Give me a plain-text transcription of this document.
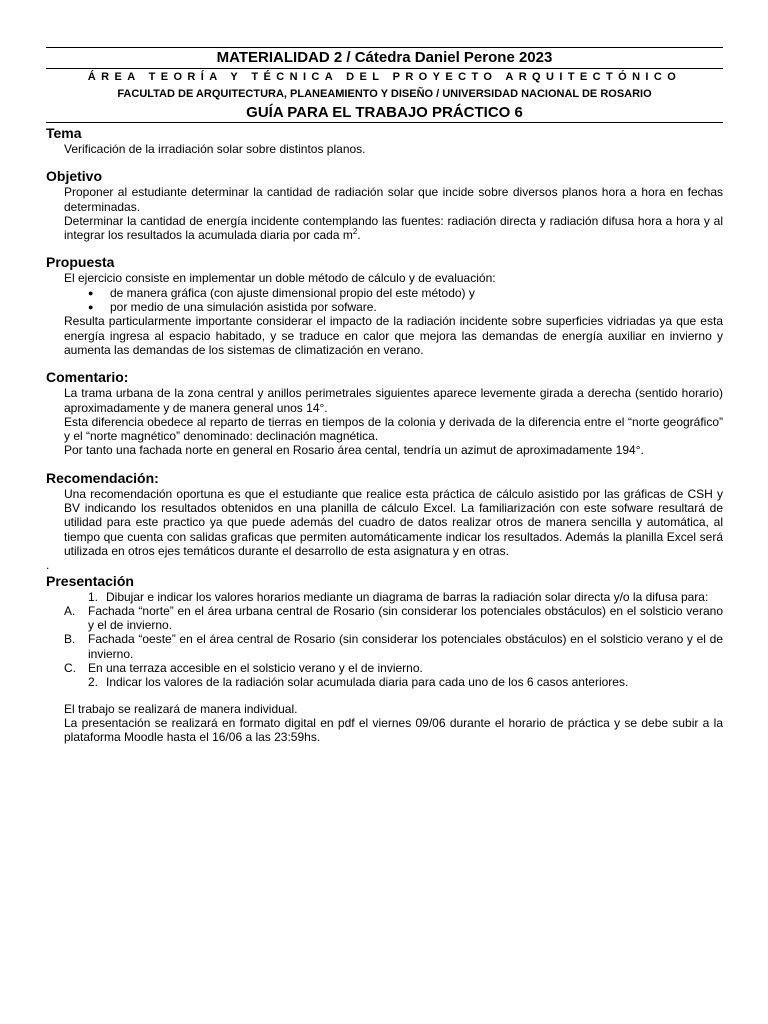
MATERIALIDAD 2 / Cátedra Daniel Perone 2023
ÁREA TEORÍA Y TÉCNICA DEL PROYECTO ARQUITECTÓNICO
FACULTAD DE ARQUITECTURA, PLANEAMIENTO Y DISEÑO / UNIVERSIDAD NACIONAL DE ROSARIO
GUÍA PARA EL TRABAJO PRÁCTICO 6
Tema

Verificación de la irradiación solar sobre distintos planos.

Objetivo

Proponer al estudiante determinar la cantidad de radiación solar que incide sobre diversos planos hora a hora en fechas determinadas.

Determinar la cantidad de energía incidente contemplando las fuentes: radiación directa y radiación difusa hora a hora y al integrar los resultados la acumulada diaria por cada $m^2$.

Propuesta

El ejercicio consiste en implementar un doble método de cálculo y de evaluación:

● de manera gráfica (con ajuste dimensional propio del este método) y
● por medio de una simulación asistida por sofware.

Resulta particularmente importante considerar el impacto de la radiación incidente sobre superficies vidriadas ya que esta energía ingresa al espacio habitado, y se traduce en calor que mejora las demandas de energía auxiliar en invierno y aumenta las demandas de los sistemas de climatización en verano.

Comentario:

La trama urbana de la zona central y anillos perimetrales siguientes aparece levemente girada a derecha (sentido horario) aproximadamente y de manera general unos 14°.

Esta diferencia obedece al reparto de tierras en tiempos de la colonia y derivada de la diferencia entre el “norte geográfico” y el “norte magnético” denominado: declinación magnética.

Por tanto una fachada norte en general en Rosario área cental, tendría un azimut de aproximadamente 194°.

Recomendación:

Una recomendación oportuna es que el estudiante que realice esta práctica de cálculo asistido por las gráficas de CSH y BV indicando los resultados obtenidos en una planilla de cálculo Excel. La familiarización con este sofware resultará de utilidad para este practico ya que puede además del cuadro de datos realizar otros de manera sencilla y automática, al tiempo que cuenta con salidas graficas que permiten automáticamente indicar los resultados. Además la planilla Excel será utilizada en otros ejes temáticos durante el desarrollo de esta asignatura y en otras.

.

Presentación
1. Dibujar e indicar los valores horarios mediante un diagrama de barras la radiación solar directa y/o la difusa para:
A.	Fachada “norte” en el área urbana central de Rosario (sin considerar los potenciales obstáculos) en el solsticio verano y el de invierno.
B.	Fachada “oeste” en el área central de Rosario (sin considerar los potenciales obstáculos) en el solsticio verano y el de invierno.
C.	En una terraza accesible en el solsticio verano y el de invierno.
2. Indicar los valores de la radiación solar acumulada diaria para cada uno de los 6 casos anteriores.

El trabajo se realizará de manera individual.

La presentación se realizará en formato digital en pdf el viernes 09/06 durante el horario de práctica y se debe subir a la plataforma Moodle hasta el 16/06 a las 23:59hs.
